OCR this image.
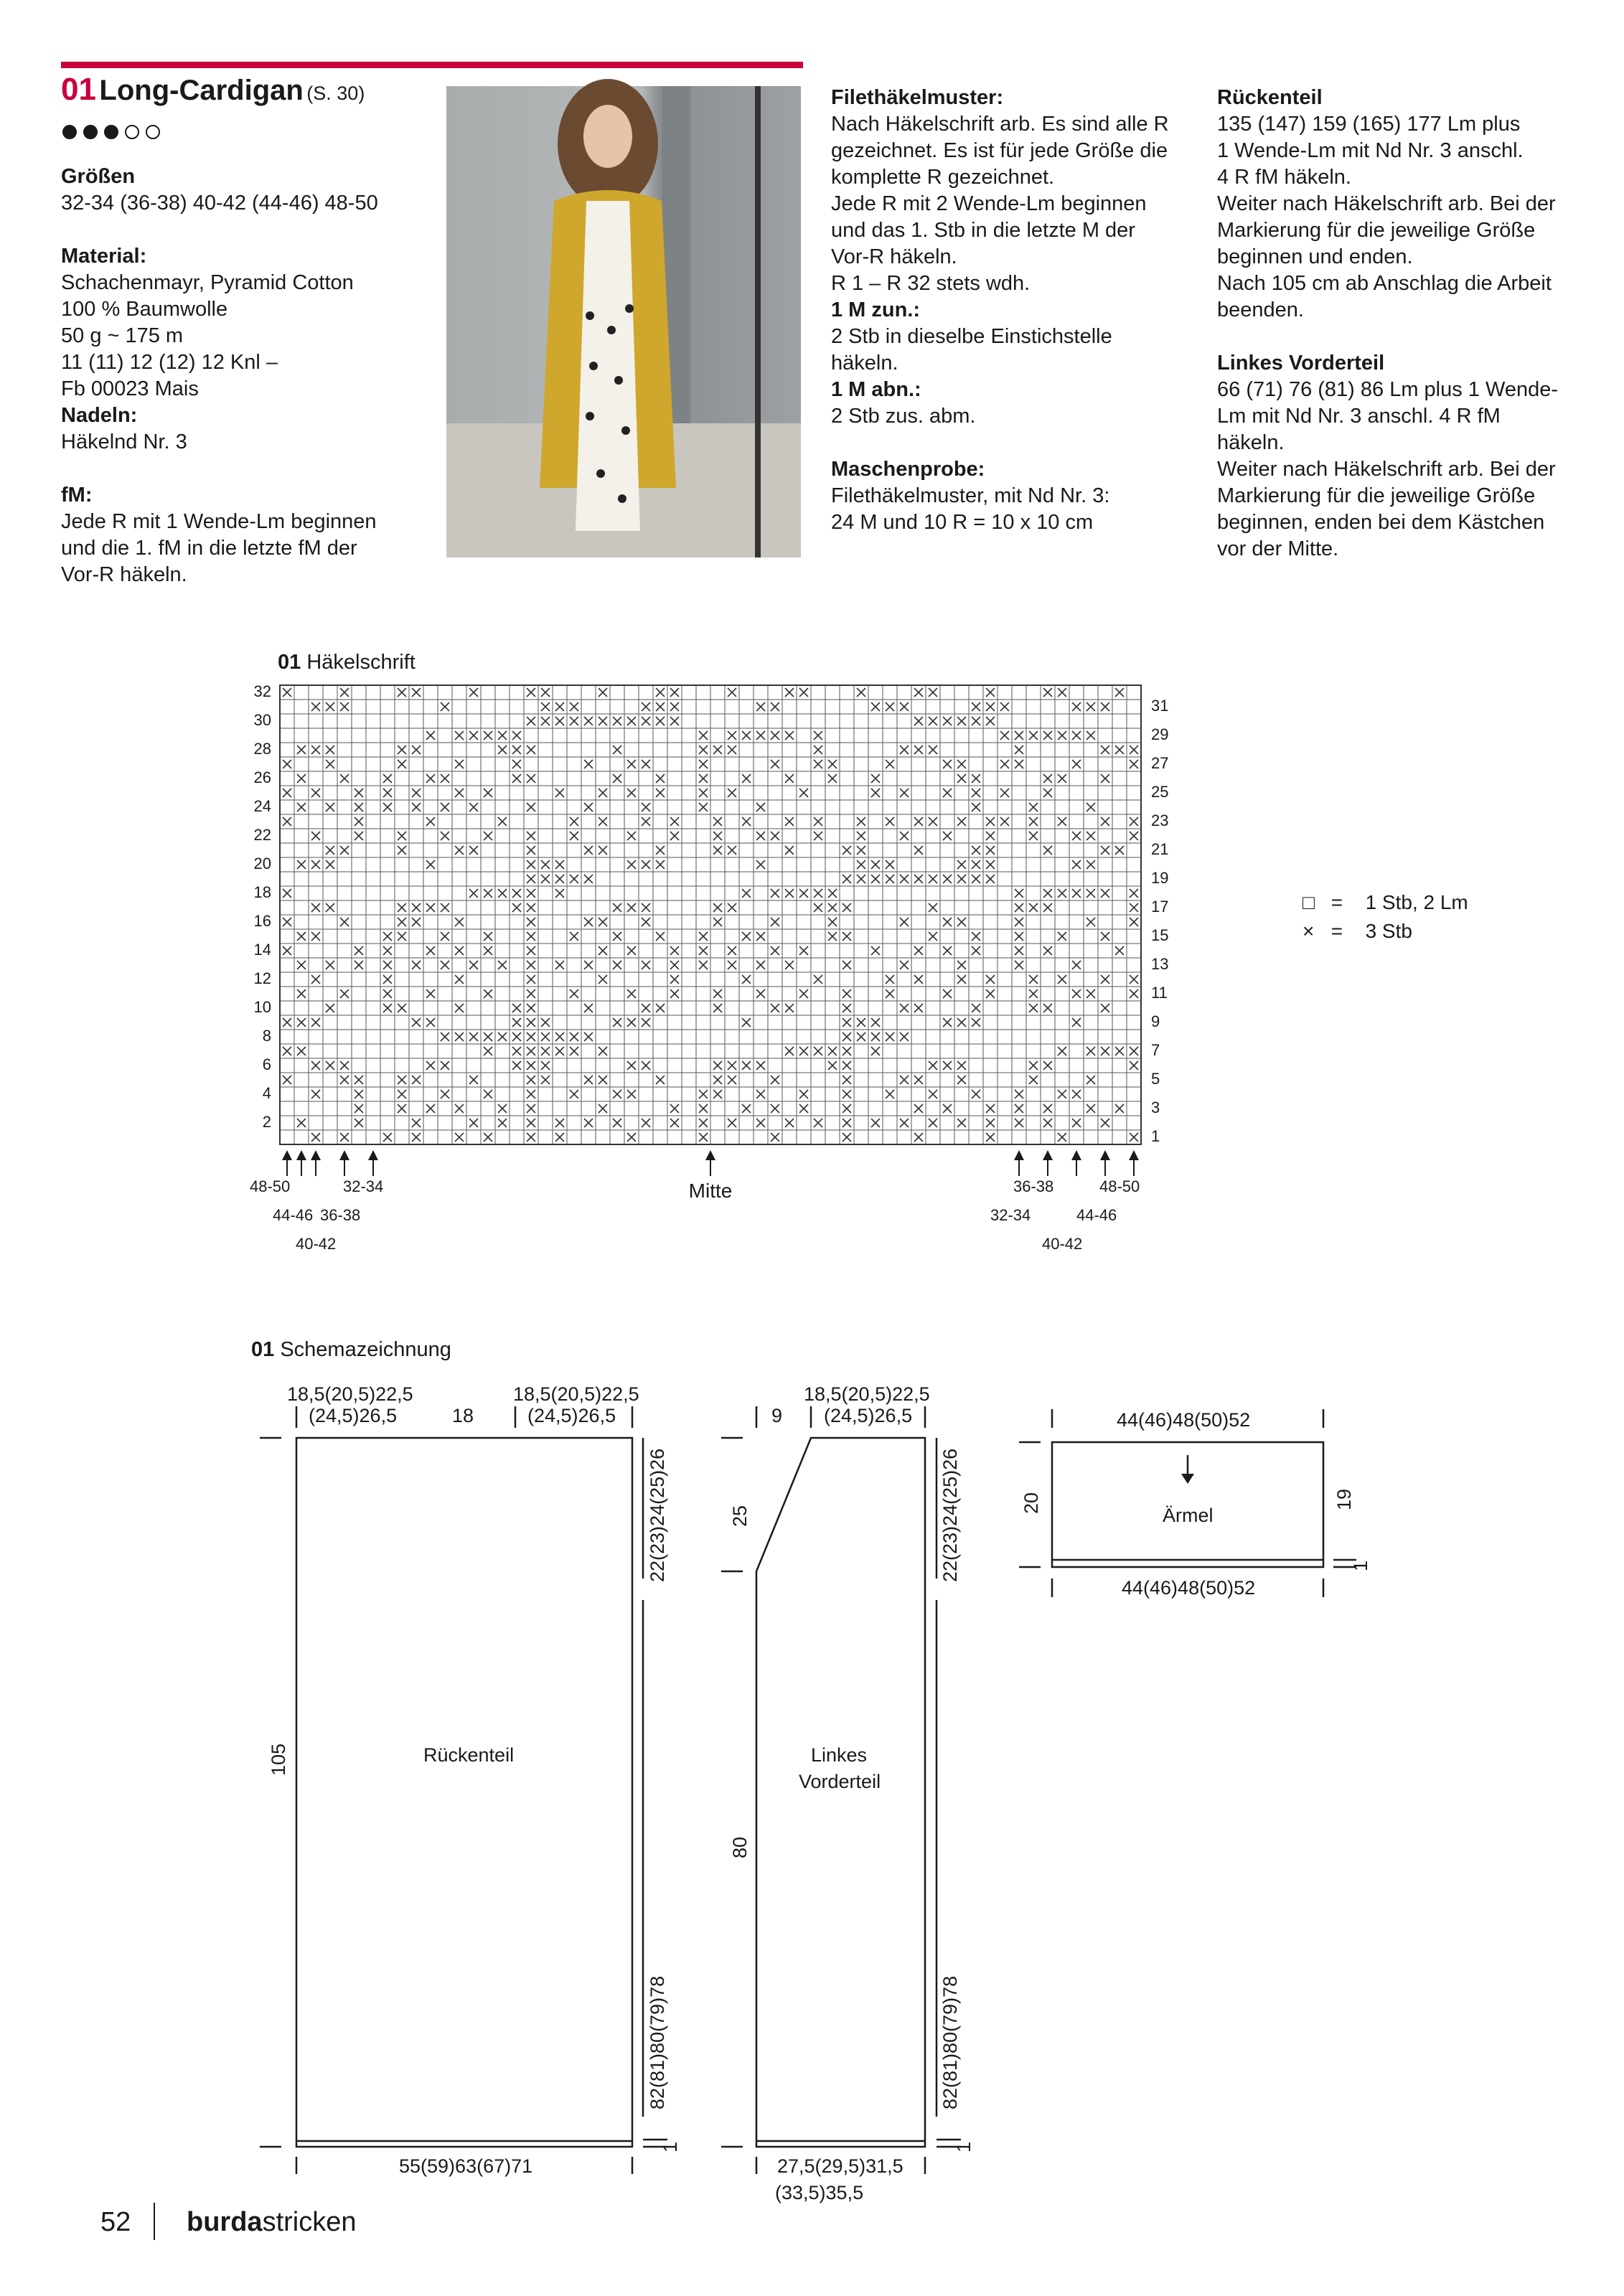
01 Long-Cardigan (S. 30)

Größen

32-34 (36-38) 40-42 (44-46) 48-50

Material:

Schachenmayr, Pyramid Cotton

100 % Baumwolle

50 g ~ 175 m

11 (11) 12 (12) 12 Knl –

Fb 00023 Mais

Nadeln:

Häkelnd Nr. 3

fM:

Jede R mit 1 Wende-Lm beginnen

und die 1. fM in die letzte fM der

Vor-R häkeln.

Filethäkelmuster:

Nach Häkelschrift arb. Es sind alle R

gezeichnet. Es ist für jede Größe die

komplette R gezeichnet.

Jede R mit 2 Wende-Lm beginnen

und das 1. Stb in die letzte M der

Vor-R häkeln.

R 1 – R 32 stets wdh.

1 M zun.:

2 Stb in dieselbe Einstichstelle

häkeln.

1 M abn.:

2 Stb zus. abm.

Maschenprobe:

Filethäkelmuster, mit Nd Nr. 3:

24 M und 10 R = 10 x 10 cm

Rückenteil

135 (147) 159 (165) 177 Lm plus

1 Wende-Lm mit Nd Nr. 3 anschl.

4 R fM häkeln.

Weiter nach Häkelschrift arb. Bei der

Markierung für die jeweilige Größe

beginnen und enden.

Nach 105 cm ab Anschlag die Arbeit

beenden.

Linkes Vorderteil

66 (71) 76 (81) 86 Lm plus 1 Wende-

Lm mit Nd Nr. 3 anschl. 4 R fM

häkeln.

Weiter nach Häkelschrift arb. Bei der

Markierung für die jeweilige Größe

beginnen, enden bei dem Kästchen

vor der Mitte.

01 Häkelschrift
32
30
28
26
24
22
20
18
16
14
12
10
8
6
4
2
31
29
27
25
23
21
19
17
15
13
11
9
7
5
3
1
48-50
44-46
40-42
36-38
32-34
32-34
36-38
40-42
44-46
48-50
Mitte
□ = 1 Stb, 2 Lm
× = 3 Stb
01 Schemazeichnung
18,5(20,5)22,5
(24,5)26,5	18
18,5(20,5)22,5
(24,5)26,5
Rückenteil
105
22(23)24(25)26
82(81)80(79)78
1
55(59)63(67)71
9
18,5(20,5)22,5
(24,5)26,5
Linkes
Vorderteil
25
80
22(23)24(25)26
82(81)80(79)78
1
27,5(29,5)31,5
(33,5)35,5
44(46)48(50)52
Ärmel
20	19
1
44(46)48(50)52
52 burdastricken
